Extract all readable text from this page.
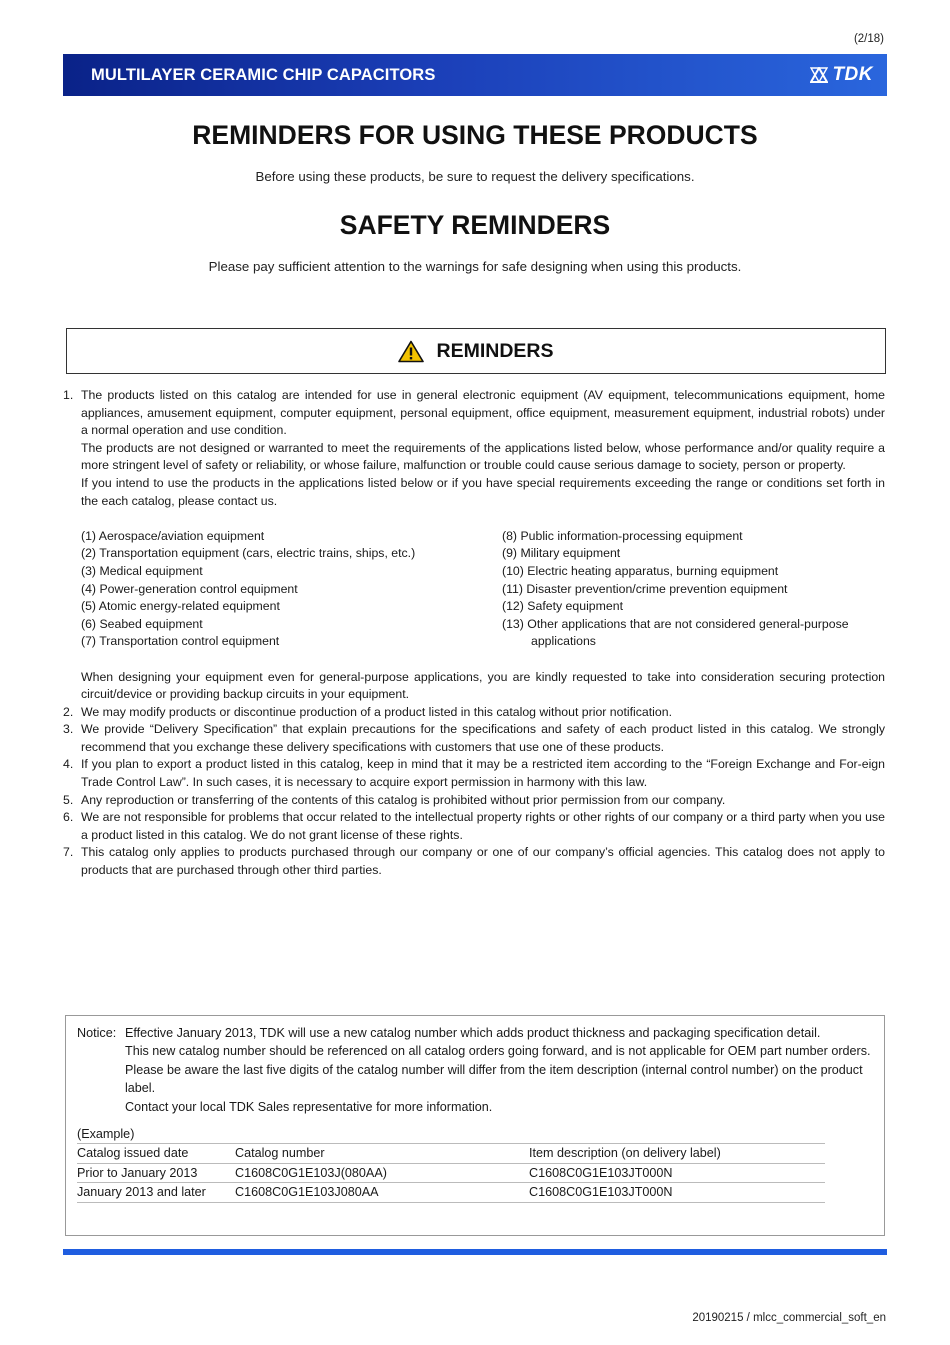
(2/18)
MULTILAYER CERAMIC CHIP CAPACITORS	TDK
REMINDERS FOR USING THESE PRODUCTS
Before using these products, be sure to request the delivery specifications.
SAFETY REMINDERS
Please pay sufficient attention to the warnings for safe designing when using this products.
REMINDERS
1. The products listed on this catalog are intended for use in general electronic equipment (AV equipment, telecommunications equipment, home appliances, amusement equipment, computer equipment, personal equipment, office equipment, measurement equipment, industrial robots) under a normal operation and use condition.

The products are not designed or warranted to meet the requirements of the applications listed below, whose performance and/or quality require a more stringent level of safety or reliability, or whose failure, malfunction or trouble could cause serious damage to society, person or property.

If you intend to use the products in the applications listed below or if you have special requirements exceeding the range or conditions set forth in the each catalog, please contact us.

(1) Aerospace/aviation equipment
(2) Transportation equipment (cars, electric trains, ships, etc.)
(3) Medical equipment
(4) Power-generation control equipment
(5) Atomic energy-related equipment
(6) Seabed equipment
(7) Transportation control equipment
(8) Public information-processing equipment
(9) Military equipment
(10) Electric heating apparatus, burning equipment
(11) Disaster prevention/crime prevention equipment
(12) Safety equipment
(13) Other applications that are not considered general-purpose
applications

When designing your equipment even for general-purpose applications, you are kindly requested to take into consideration securing protection circuit/device or providing backup circuits in your equipment.

2. We may modify products or discontinue production of a product listed in this catalog without prior notification.
3. We provide “Delivery Specification” that explain precautions for the specifications and safety of each product listed in this catalog. We strongly recommend that you exchange these delivery specifications with customers that use one of these products.
4. If you plan to export a product listed in this catalog, keep in mind that it may be a restricted item according to the “Foreign Exchange and For-eign Trade Control Law”. In such cases, it is necessary to acquire export permission in harmony with this law.
5. Any reproduction or transferring of the contents of this catalog is prohibited without prior permission from our company.
6. We are not responsible for problems that occur related to the intellectual property rights or other rights of our company or a third party when you use a product listed in this catalog. We do not grant license of these rights.
7. This catalog only applies to products purchased through our company or one of our company’s official agencies. This catalog does not apply to products that are purchased through other third parties.
Notice: Effective January 2013, TDK will use a new catalog number which adds product thickness and packaging specification detail.
This new catalog number should be referenced on all catalog orders going forward, and is not applicable for OEM part number orders.
Please be aware the last five digits of the catalog number will differ from the item description (internal control number) on the product label.
Contact your local TDK Sales representative for more information.
(Example)
Catalog issued date	Catalog number	Item description (on delivery label)
Prior to January 2013	C1608C0G1E103J(080AA)	C1608C0G1E103JT000N
January 2013 and later	C1608C0G1E103J080AA	C1608C0G1E103JT000N
20190215 / mlcc_commercial_soft_en
